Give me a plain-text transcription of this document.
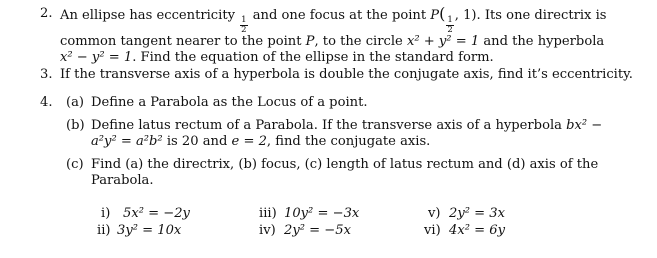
2. An ellipse has eccentricity
$\frac{1}{2}$
and one focus at the point P(
$\frac{1}{2}$
, 1). Its one directrix is
common tangent nearer to the point P, to the circle x² + y² = 1 and the hyperbola
x² − y² = 1. Find the equation of the ellipse in the standard form.
3. If the transverse axis of a hyperbola is double the conjugate axis, find it’s eccentricity.
4. (a) Define a Parabola as the Locus of a point.
(b) Define latus rectum of a Parabola. If the transverse axis of a hyperbola bx² −
a²y² = a²b² is 20 and e = 2, find the conjugate axis.
(c) Find (a) the directrix, (b) focus, (c) length of latus rectum and (d) axis of the
Parabola.
i) 5x² = −2y
ii) 3y² = 10x
iii) 10y² = −3x
iv) 2y² = −5x
v) 2y² = 3x
vi) 4x² = 6y
